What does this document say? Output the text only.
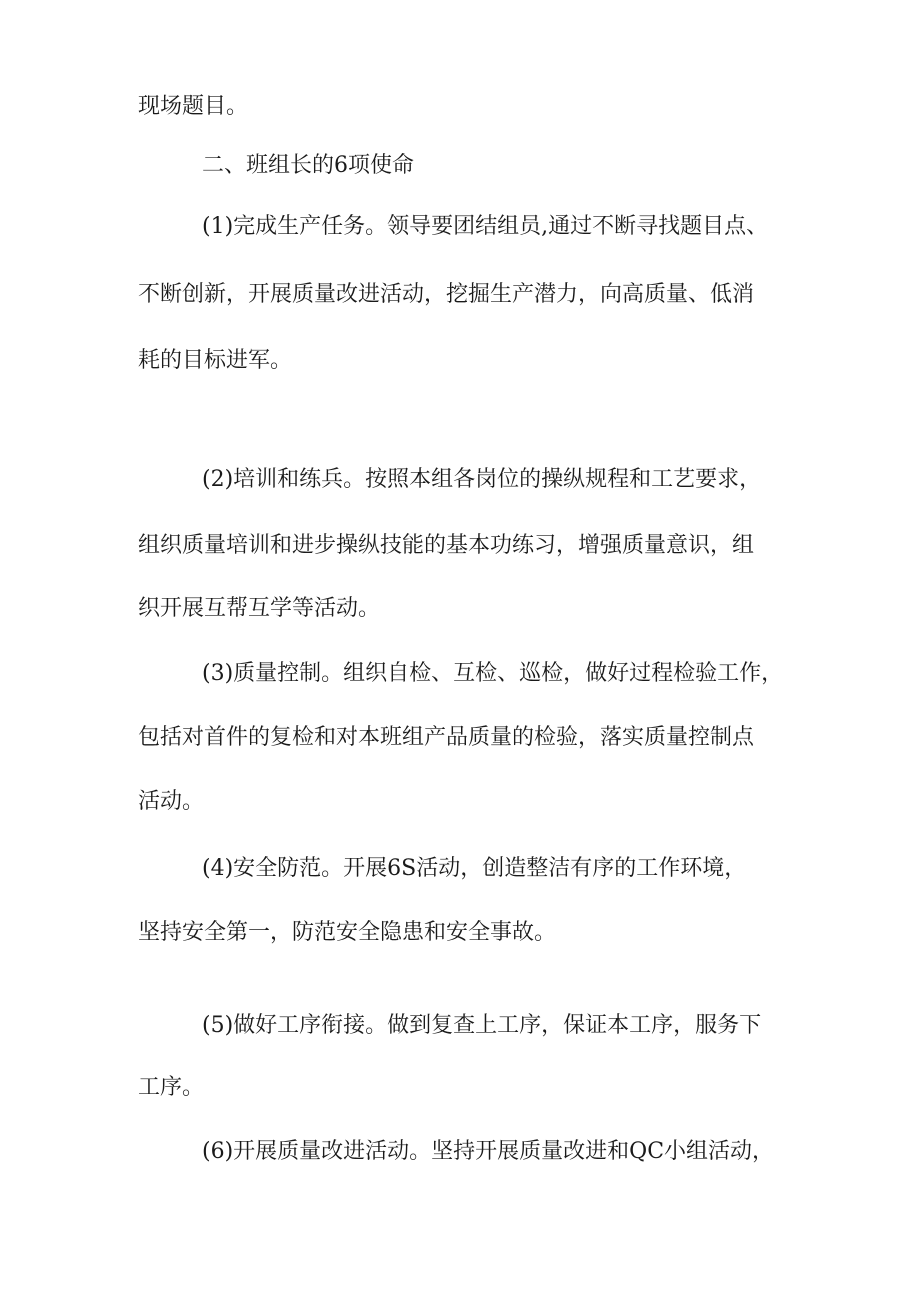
现场题目。

二、班组长的6项使命

(1)完成生产任务。领导要团结组员,通过不断寻找题目点、

不断创新，开展质量改进活动，挖掘生产潜力，向高质量、低消

耗的目标进军。

(2)培训和练兵。按照本组各岗位的操纵规程和工艺要求，

组织质量培训和进步操纵技能的基本功练习，增强质量意识，组

织开展互帮互学等活动。

(3)质量控制。组织自检、互检、巡检，做好过程检验工作，

包括对首件的复检和对本班组产品质量的检验，落实质量控制点

活动。

(4)安全防范。开展6S活动，创造整洁有序的工作环境，

坚持安全第一，防范安全隐患和安全事故。

(5)做好工序衔接。做到复查上工序，保证本工序，服务下

工序。

(6)开展质量改进活动。坚持开展质量改进和QC小组活动，
